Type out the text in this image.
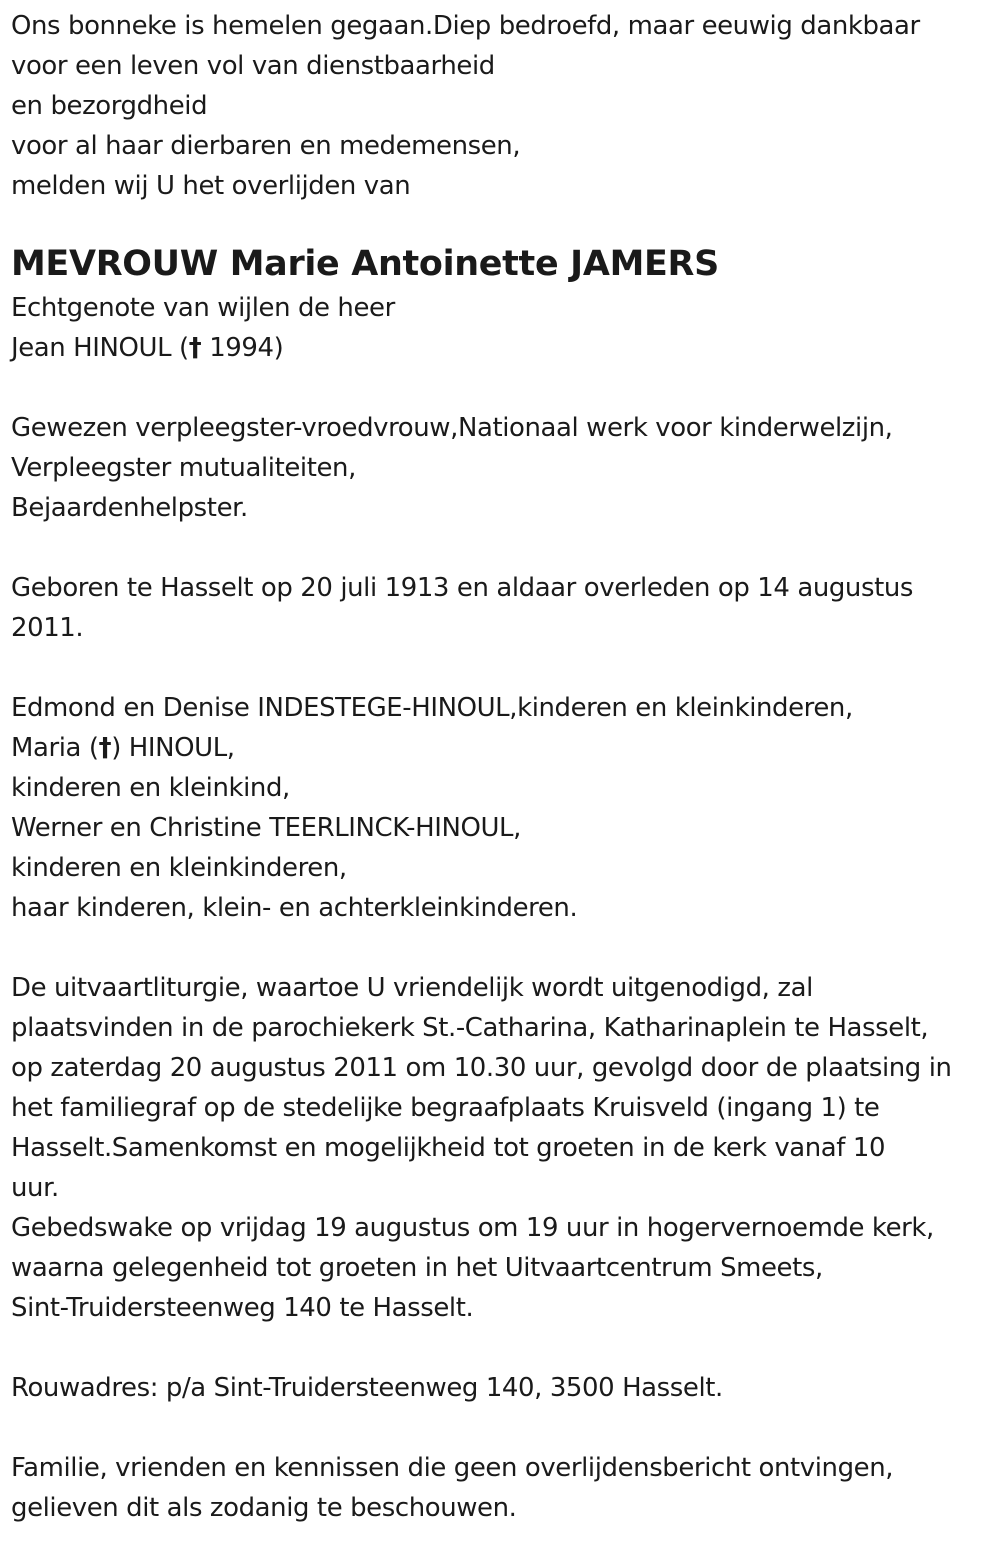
Ons bonneke is hemelen gegaan.Diep bedroefd, maar eeuwig dankbaar
voor een leven vol van dienstbaarheid
en bezorgdheid
voor al haar dierbaren en medemensen,
melden wij U het overlijden van
MEVROUW Marie Antoinette JAMERS
Echtgenote van wijlen de heer
Jean HINOUL († 1994)
Gewezen verpleegster-vroedvrouw,Nationaal werk voor kinderwelzijn,
Verpleegster mutualiteiten,
Bejaardenhelpster.
Geboren te Hasselt op 20 juli 1913 en aldaar overleden op 14 augustus
2011.
Edmond en Denise INDESTEGE-HINOUL,kinderen en kleinkinderen,
Maria (†) HINOUL,
kinderen en kleinkind,
Werner en Christine TEERLINCK-HINOUL,
kinderen en kleinkinderen,
haar kinderen, klein- en achterkleinkinderen.
De uitvaartliturgie, waartoe U vriendelijk wordt uitgenodigd, zal
plaatsvinden in de parochiekerk St.-Catharina, Katharinaplein te Hasselt,
op zaterdag 20 augustus 2011 om 10.30 uur, gevolgd door de plaatsing in
het familiegraf op de stedelijke begraafplaats Kruisveld (ingang 1) te
Hasselt.Samenkomst en mogelijkheid tot groeten in de kerk vanaf 10
uur.
Gebedswake op vrijdag 19 augustus om 19 uur in hogervernoemde kerk,
waarna gelegenheid tot groeten in het Uitvaartcentrum Smeets,
Sint-Truidersteenweg 140 te Hasselt.
Rouwadres: p/a Sint-Truidersteenweg 140, 3500 Hasselt.
Familie, vrienden en kennissen die geen overlijdensbericht ontvingen,
gelieven dit als zodanig te beschouwen.
